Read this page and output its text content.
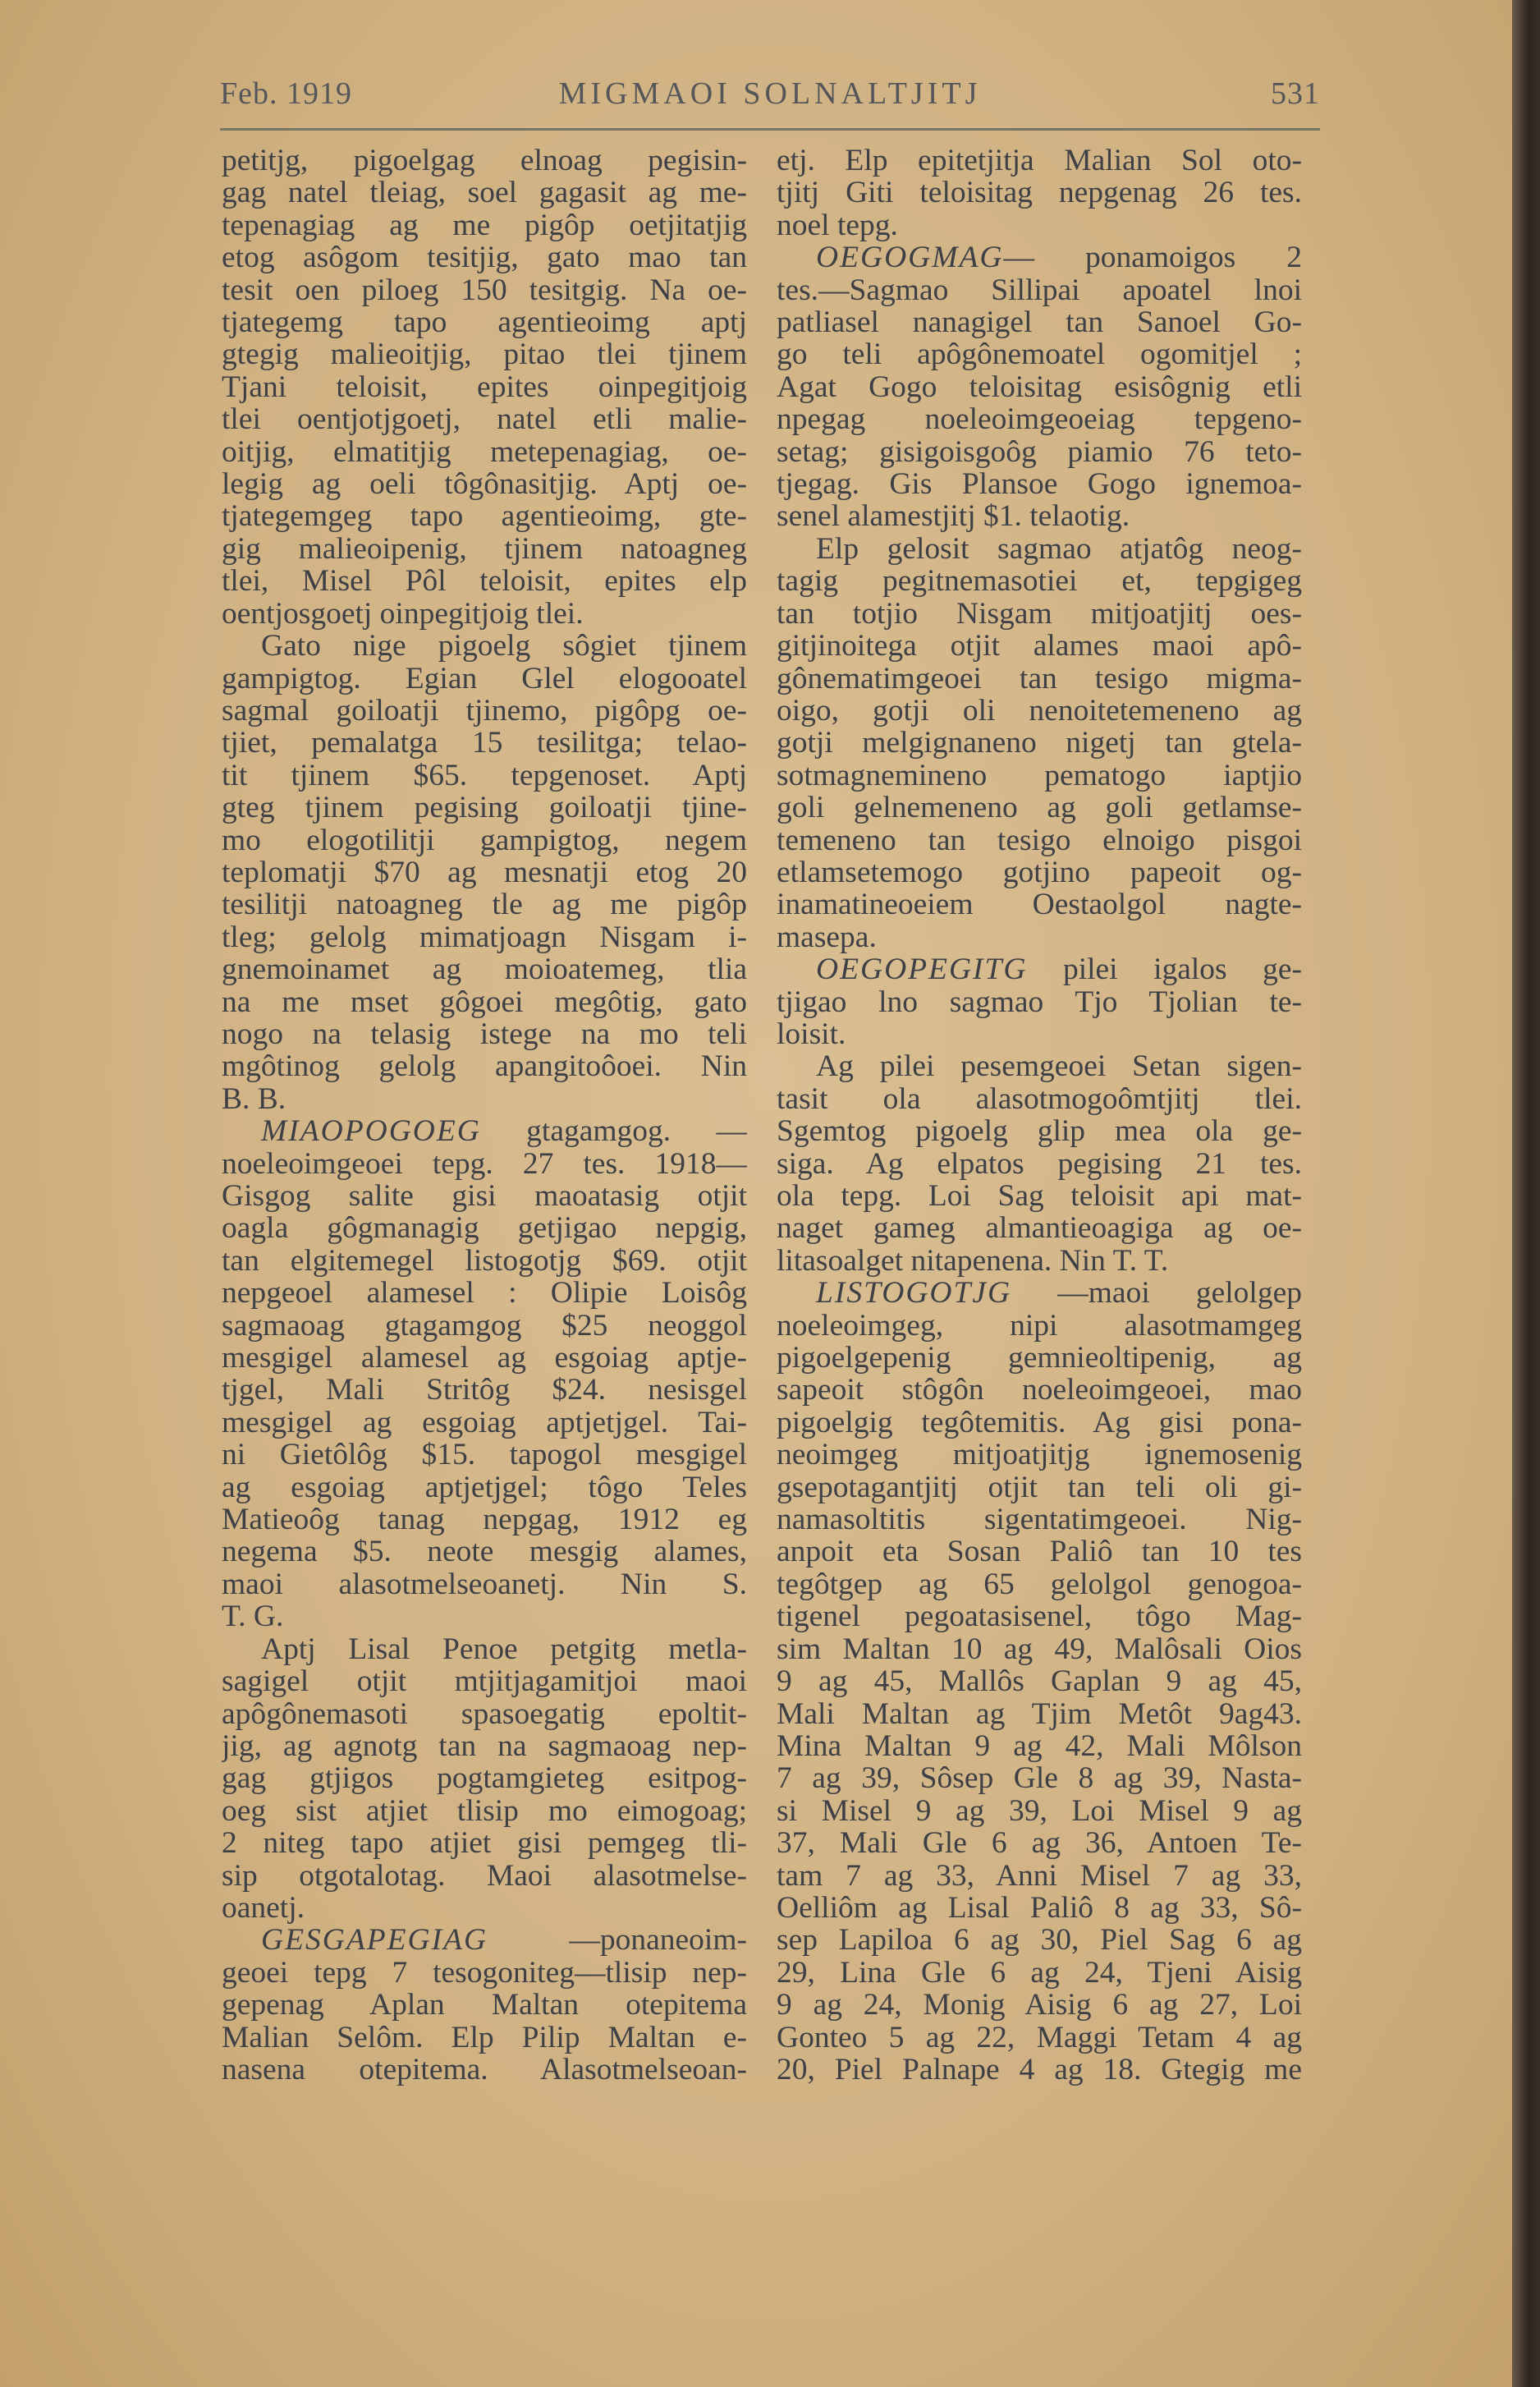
Feb. 1919	MIGMAOI SOLNALTJITJ	531
petitjg, pigoelgag elnoag pegisin-
gag natel tleiag, soel gagasit ag me-
tepenagiag ag me pigôp oetjitatjig
etog asôgom tesitjig, gato mao tan
tesit oen piloeg 150 tesitgig. Na oe-
tjategemg tapo agentieoimg aptj
gtegig malieoitjig, pitao tlei tjinem
Tjani teloisit, epites oinpegitjoig
tlei oentjotjgoetj, natel etli malie-
oitjig, elmatitjig metepenagiag, oe-
legig ag oeli tôgônasitjig. Aptj oe-
tjategemgeg tapo agentieoimg, gte-
gig malieoipenig, tjinem natoagneg
tlei, Misel Pôl teloisit, epites elp
oentjosgoetj oinpegitjoig tlei.
Gato nige pigoelg sôgiet tjinem
gampigtog. Egian Glel elogooatel
sagmal goiloatji tjinemo, pigôpg oe-
tjiet, pemalatga 15 tesilitga; telao-
tit tjinem $65. tepgenoset. Aptj
gteg tjinem pegising goiloatji tjine-
mo elogotilitji gampigtog, negem
teplomatji $70 ag mesnatji etog 20
tesilitji natoagneg tle ag me pigôp
tleg; gelolg mimatjoagn Nisgam i-
gnemoinamet ag moioatemeg, tlia
na me mset gôgoei megôtig, gato
nogo na telasig istege na mo teli
mgôtinog gelolg apangitoôoei. Nin
B. B.
MIAOPOGOEG gtagamgog. —
noeleoimgeoei tepg. 27 tes. 1918—
Gisgog salite gisi maoatasig otjit
oagla gôgmanagig getjigao nepgig,
tan elgitemegel listogotjg $69. otjit
nepgeoel alamesel : Olipie Loisôg
sagmaoag gtagamgog $25 neoggol
mesgigel alamesel ag esgoiag aptje-
tjgel, Mali Stritôg $24. nesisgel
mesgigel ag esgoiag aptjetjgel. Tai-
ni Gietôlôg $15. tapogol mesgigel
ag esgoiag aptjetjgel; tôgo Teles
Matieoôg tanag nepgag, 1912 eg
negema $5. neote mesgig alames,
maoi alasotmelseoanetj. Nin S.
T. G.
Aptj Lisal Penoe petgitg metla-
sagigel otjit mtjitjagamitjoi maoi
apôgônemasoti spasoegatig epoltit-
jig, ag agnotg tan na sagmaoag nep-
gag gtjigos pogtamgieteg esitpog-
oeg sist atjiet tlisip mo eimogoag;
2 niteg tapo atjiet gisi pemgeg tli-
sip otgotalotag. Maoi alasotmelse-
oanetj.
GESGAPEGIAG —ponaneoim-
geoei tepg 7 tesogoniteg—tlisip nep-
gepenag Aplan Maltan otepitema
Malian Selôm. Elp Pilip Maltan e-
nasena otepitema. Alasotmelseoan-
etj. Elp epitetjitja Malian Sol oto-
tjitj Giti teloisitag nepgenag 26 tes.
noel tepg.
OEGOGMAG— ponamoigos 2
tes.—Sagmao Sillipai apoatel lnoi
patliasel nanagigel tan Sanoel Go-
go teli apôgônemoatel ogomitjel ;
Agat Gogo teloisitag esisôgnig etli
npegag noeleoimgeoeiag tepgeno-
setag; gisigoisgoôg piamio 76 teto-
tjegag. Gis Plansoe Gogo ignemoa-
senel alamestjitj $1. telaotig.
Elp gelosit sagmao atjatôg neog-
tagig pegitnemasotiei et, tepgigeg
tan totjio Nisgam mitjoatjitj oes-
gitjinoitega otjit alames maoi apô-
gônematimgeoei tan tesigo migma-
oigo, gotji oli nenoitetemeneno ag
gotji melgignaneno nigetj tan gtela-
sotmagnemineno pematogo iaptjio
goli gelnemeneno ag goli getlamse-
temeneno tan tesigo elnoigo pisgoi
etlamsetemogo gotjino papeoit og-
inamatineoeiem Oestaolgol nagte-
masepa.
OEGOPEGITG pilei igalos ge-
tjigao lno sagmao Tjo Tjolian te-
loisit.
Ag pilei pesemgeoei Setan sigen-
tasit ola alasotmogoômtjitj tlei.
Sgemtog pigoelg glip mea ola ge-
siga. Ag elpatos pegising 21 tes.
ola tepg. Loi Sag teloisit api mat-
naget gameg almantieoagiga ag oe-
litasoalget nitapenena. Nin T. T.
LISTOGOTJG —maoi gelolgep
noeleoimgeg, nipi alasotmamgeg
pigoelgepenig gemnieoltipenig, ag
sapeoit stôgôn noeleoimgeoei, mao
pigoelgig tegôtemitis. Ag gisi pona-
neoimgeg mitjoatjitjg ignemosenig
gsepotagantjitj otjit tan teli oli gi-
namasoltitis sigentatimgeoei. Nig-
anpoit eta Sosan Paliô tan 10 tes
tegôtgep ag 65 gelolgol genogoa-
tigenel pegoatasisenel, tôgo Mag-
sim Maltan 10 ag 49, Malôsali Oios
9 ag 45, Mallôs Gaplan 9 ag 45,
Mali Maltan ag Tjim Metôt 9ag43.
Mina Maltan 9 ag 42, Mali Môlson
7 ag 39, Sôsep Gle 8 ag 39, Nasta-
si Misel 9 ag 39, Loi Misel 9 ag
37, Mali Gle 6 ag 36, Antoen Te-
tam 7 ag 33, Anni Misel 7 ag 33,
Oelliôm ag Lisal Paliô 8 ag 33, Sô-
sep Lapiloa 6 ag 30, Piel Sag 6 ag
29, Lina Gle 6 ag 24, Tjeni Aisig
9 ag 24, Monig Aisig 6 ag 27, Loi
Gonteo 5 ag 22, Maggi Tetam 4 ag
20, Piel Palnape 4 ag 18. Gtegig me
